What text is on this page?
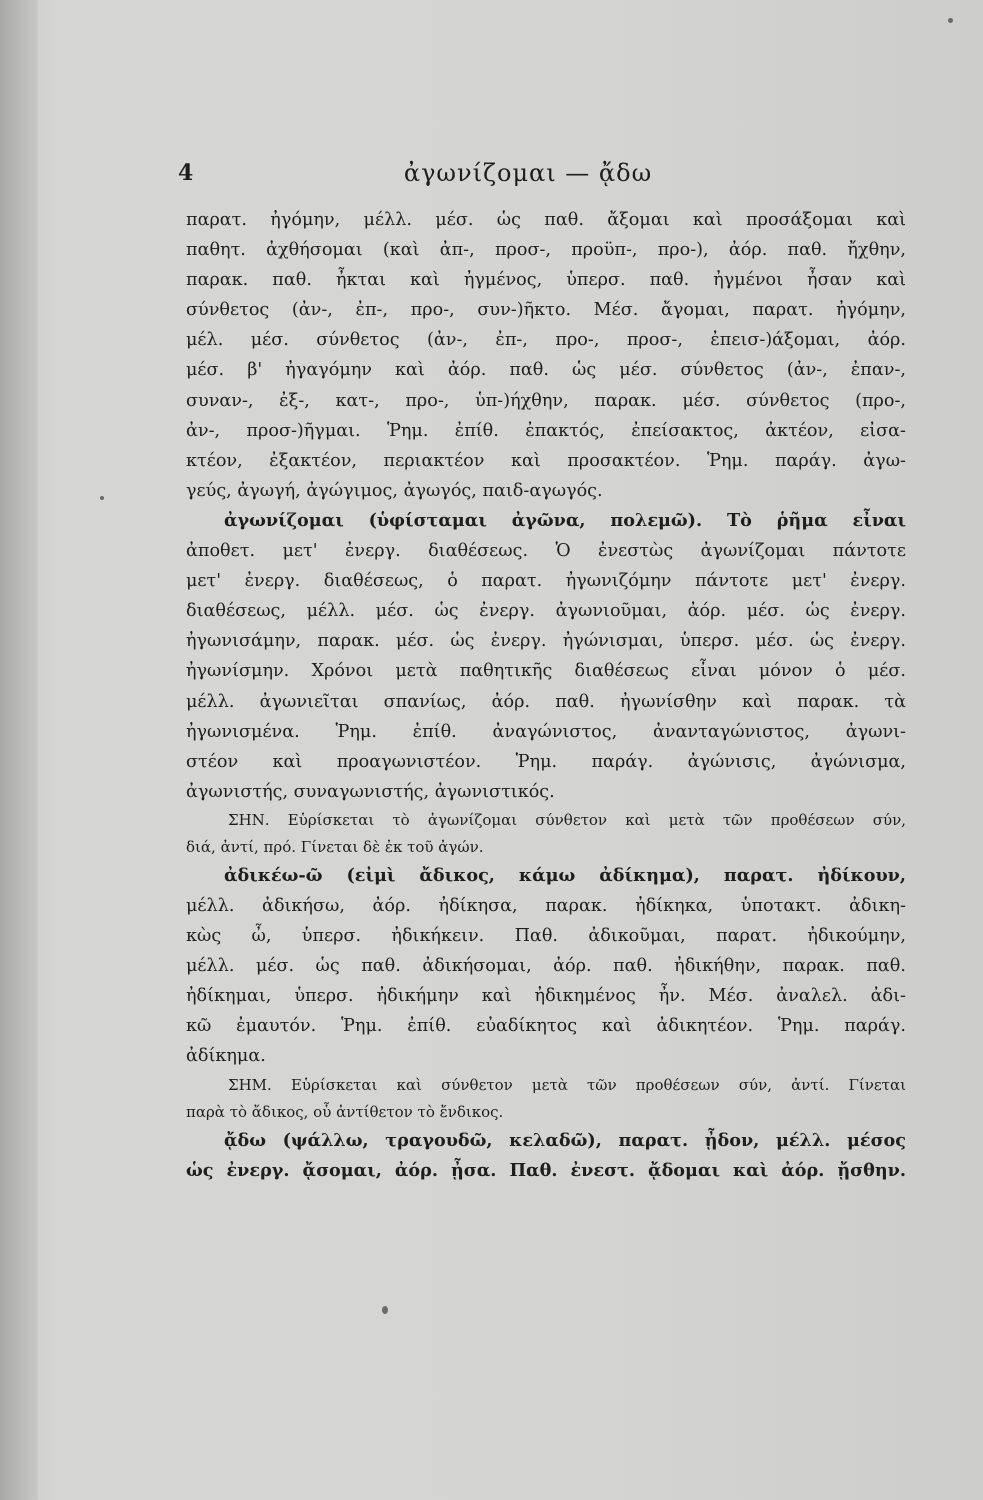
4	ἀγωνίζομαι — ᾄδω
παρατ. ἠγόμην, μέλλ. μέσ. ὡς παθ. ἄξομαι καὶ προσάξομαι καὶ
παθητ. ἀχθήσομαι (καὶ ἀπ-, προσ-, προϋπ-, προ-), ἀόρ. παθ. ἤχθην,
παρακ. παθ. ἦκται καὶ ἠγμένος, ὑπερσ. παθ. ἠγμένοι ἦσαν καὶ
σύνθετος (ἀν-, ἐπ-, προ-, συν-)ῆκτο. Μέσ. ἄγομαι, παρατ. ἠγόμην,
μέλ. μέσ. σύνθετος (ἀν-, ἐπ-, προ-, προσ-, ἐπεισ-)άξομαι, ἀόρ.
μέσ. β' ἠγαγόμην καὶ ἀόρ. παθ. ὡς μέσ. σύνθετος (ἀν-, ἐπαν-,
συναν-, ἐξ-, κατ-, προ-, ὑπ-)ήχθην, παρακ. μέσ. σύνθετος (προ-,
ἀν-, προσ-)ῆγμαι. Ῥημ. ἐπίθ. ἐπακτός, ἐπείσακτος, ἀκτέον, εἰσα-
κτέον, ἐξακτέον, περιακτέον καὶ προσακτέον. Ῥημ. παράγ. ἀγω-
γεύς, ἀγωγή, ἀγώγιμος, ἀγωγός, παιδ-αγωγός.
ἀγωνίζομαι (ὑφίσταμαι ἀγῶνα, πολεμῶ). Τὸ ῥῆμα εἶναι
ἀποθετ. μετ' ἐνεργ. διαθέσεως. Ὁ ἐνεστὼς ἀγωνίζομαι πάντοτε
μετ' ἐνεργ. διαθέσεως, ὁ παρατ. ἠγωνιζόμην πάντοτε μετ' ἐνεργ.
διαθέσεως, μέλλ. μέσ. ὡς ἐνεργ. ἀγωνιοῦμαι, ἀόρ. μέσ. ὡς ἐνεργ.
ἠγωνισάμην, παρακ. μέσ. ὡς ἐνεργ. ἠγώνισμαι, ὑπερσ. μέσ. ὡς ἐνεργ.
ἠγωνίσμην. Χρόνοι μετὰ παθητικῆς διαθέσεως εἶναι μόνον ὁ μέσ.
μέλλ. ἀγωνιεῖται σπανίως, ἀόρ. παθ. ἠγωνίσθην καὶ παρακ. τὰ
ἠγωνισμένα. Ῥημ. ἐπίθ. ἀναγώνιστος, ἀνανταγώνιστος, ἀγωνι-
στέον καὶ προαγωνιστέον. Ῥημ. παράγ. ἀγώνισις, ἀγώνισμα,
ἀγωνιστής, συναγωνιστής, ἀγωνιστικός.
ΣΗΝ. Εὑρίσκεται τὸ ἀγωνίζομαι σύνθετον καὶ μετὰ τῶν προθέσεων σύν,
διά, ἀντί, πρό. Γίνεται δὲ ἐκ τοῦ ἀγών.
ἀδικέω-ῶ (εἰμὶ ἄδικος, κάμω ἀδίκημα), παρατ. ἠδίκουν,
μέλλ. ἀδικήσω, ἀόρ. ἠδίκησα, παρακ. ἠδίκηκα, ὑποτακτ. ἀδικη-
κὼς ὦ, ὑπερσ. ἠδικήκειν. Παθ. ἀδικοῦμαι, παρατ. ἠδικούμην,
μέλλ. μέσ. ὡς παθ. ἀδικήσομαι, ἀόρ. παθ. ἠδικήθην, παρακ. παθ.
ἠδίκημαι, ὑπερσ. ἠδικήμην καὶ ἠδικημένος ἦν. Μέσ. ἀναλελ. ἀδι-
κῶ ἐμαυτόν. Ῥημ. ἐπίθ. εὐαδίκητος καὶ ἀδικητέον. Ῥημ. παράγ.
ἀδίκημα.
ΣΗΜ. Εὑρίσκεται καὶ σύνθετον μετὰ τῶν προθέσεων σύν, ἀντί. Γίνεται
παρὰ τὸ ἄδικος, οὗ ἀντίθετον τὸ ἔνδικος.
ᾄδω (ψάλλω, τραγουδῶ, κελαδῶ), παρατ. ᾖδον, μέλλ. μέσος
ὡς ἐνεργ. ᾄσομαι, ἀόρ. ᾖσα. Παθ. ἐνεστ. ᾄδομαι καὶ ἀόρ. ᾔσθην.
